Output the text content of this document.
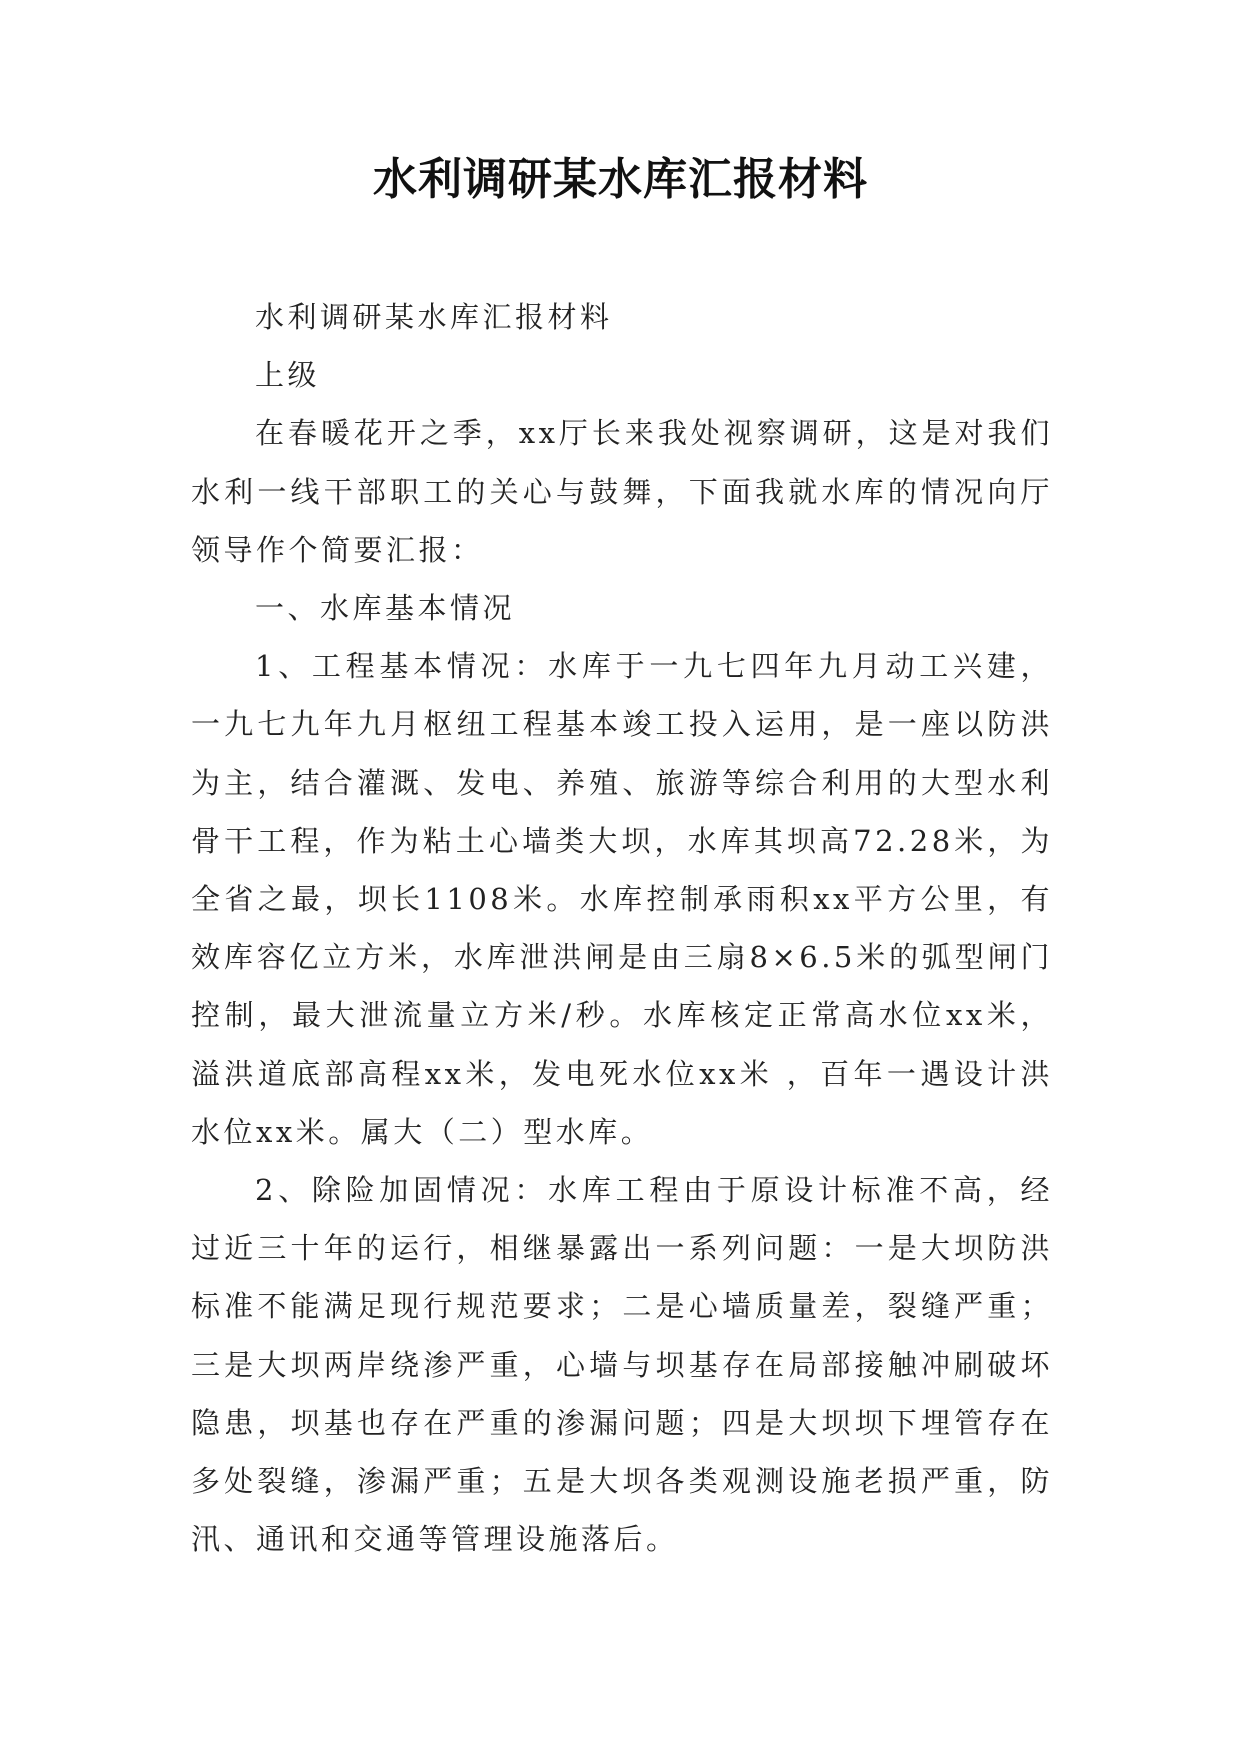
水利调研某水库汇报材料

水利调研某水库汇报材料

上级

在春暖花开之季，xx厅长来我处视察调研，这是对我们水利一线干部职工的关心与鼓舞，下面我就水库的情况向厅领导作个简要汇报：

一、水库基本情况

1、工程基本情况：水库于一九七四年九月动工兴建，一九七九年九月枢纽工程基本竣工投入运用，是一座以防洪为主，结合灌溉、发电、养殖、旅游等综合利用的大型水利骨干工程，作为粘土心墙类大坝，水库其坝高72.28米，为全省之最，坝长1108米。水库控制承雨积xx平方公里，有效库容亿立方米，水库泄洪闸是由三扇8×6.5米的弧型闸门控制，最大泄流量立方米/秒。水库核定正常高水位xx米，溢洪道底部高程xx米，发电死水位xx米 ，百年一遇设计洪水位xx米。属大（二）型水库。

2、除险加固情况：水库工程由于原设计标准不高，经过近三十年的运行，相继暴露出一系列问题：一是大坝防洪标准不能满足现行规范要求；二是心墙质量差，裂缝严重；三是大坝两岸绕渗严重，心墙与坝基存在局部接触冲刷破坏隐患，坝基也存在严重的渗漏问题；四是大坝坝下埋管存在多处裂缝，渗漏严重；五是大坝各类观测设施老损严重，防汛、通讯和交通等管理设施落后。
